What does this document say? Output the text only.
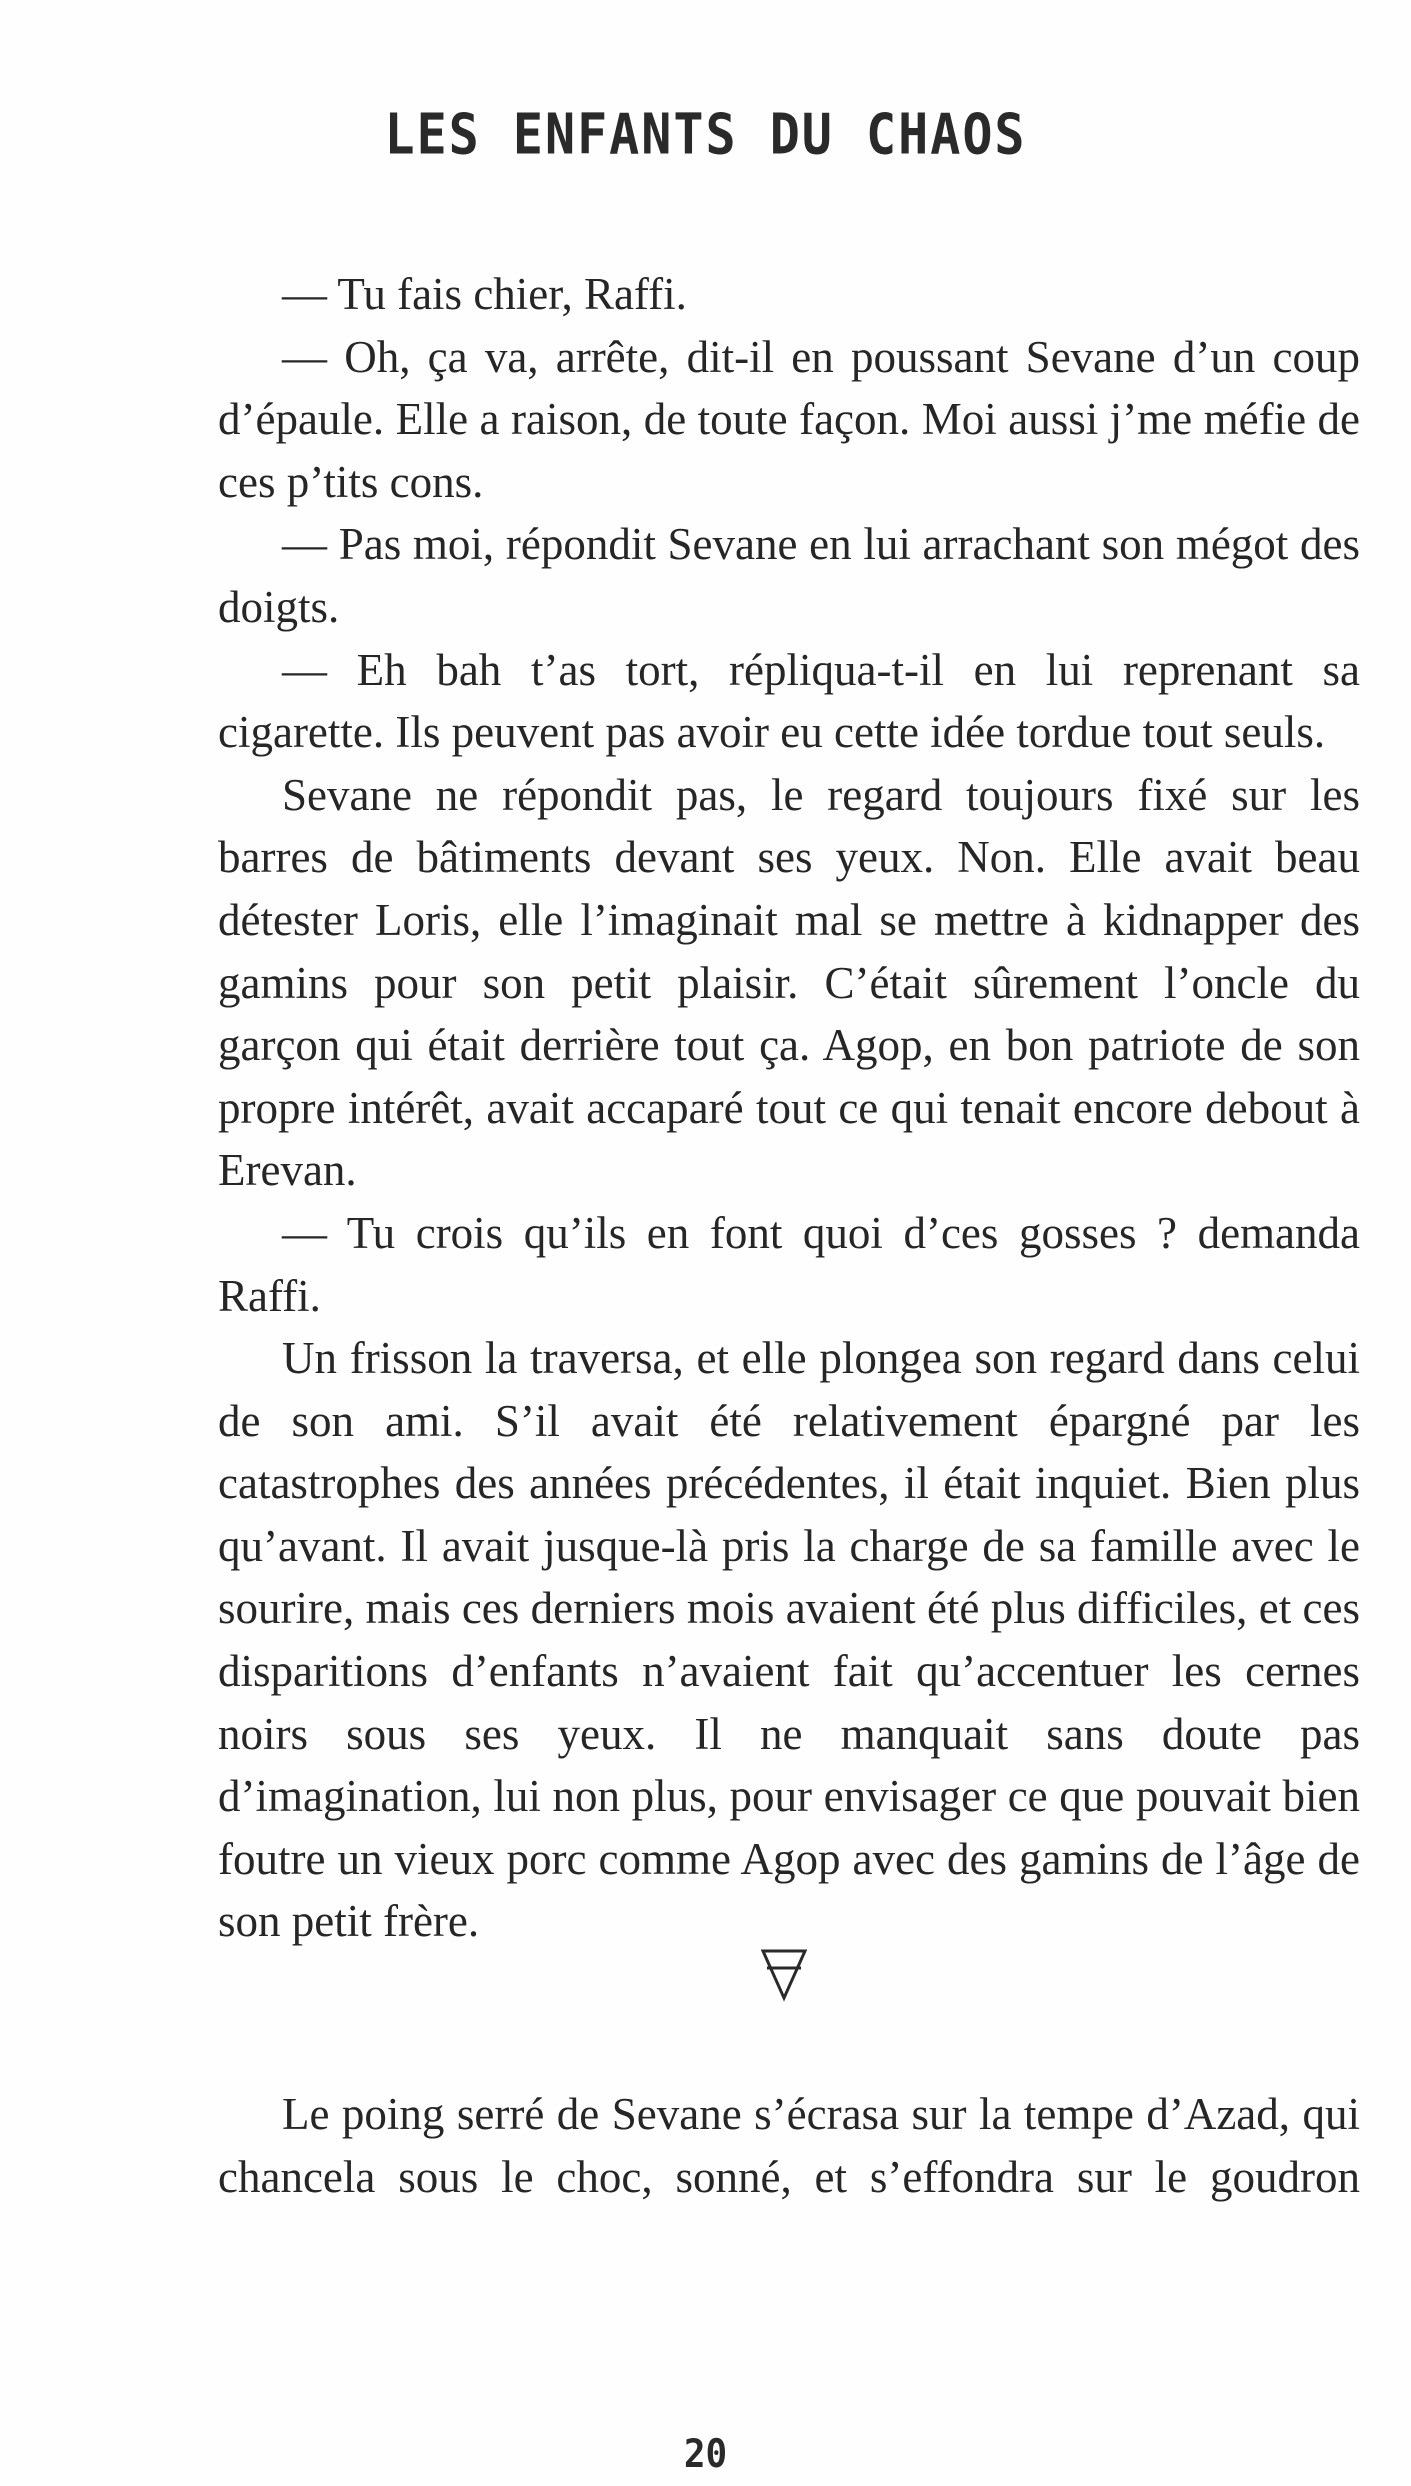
LES ENFANTS DU CHAOS

— Tu fais chier, Raffi.

— Oh, ça va, arrête, dit-il en poussant Sevane d’un coup d’épaule. Elle a raison, de toute façon. Moi aussi j’me méfie de ces p’tits cons.

— Pas moi, répondit Sevane en lui arrachant son mégot des doigts.

— Eh bah t’as tort, répliqua-t-il en lui reprenant sa cigarette. Ils peuvent pas avoir eu cette idée tordue tout seuls.

Sevane ne répondit pas, le regard toujours fixé sur les barres de bâtiments devant ses yeux. Non. Elle avait beau détester Loris, elle l’imaginait mal se mettre à kidnapper des gamins pour son petit plaisir. C’était sûrement l’oncle du garçon qui était derrière tout ça. Agop, en bon patriote de son propre intérêt, avait accaparé tout ce qui tenait encore debout à Erevan.

— Tu crois qu’ils en font quoi d’ces gosses ? demanda Raffi.

Un frisson la traversa, et elle plongea son regard dans celui de son ami. S’il avait été relativement épargné par les catastrophes des années précédentes, il était inquiet. Bien plus qu’avant. Il avait jusque-là pris la charge de sa famille avec le sourire, mais ces derniers mois avaient été plus difficiles, et ces disparitions d’enfants n’avaient fait qu’accentuer les cernes noirs sous ses yeux. Il ne manquait sans doute pas d’imagination, lui non plus, pour envisager ce que pouvait bien foutre un vieux porc comme Agop avec des gamins de l’âge de son petit frère.

Le poing serré de Sevane s’écrasa sur la tempe d’Azad, qui chancela sous le choc, sonné, et s’effondra sur le goudron

20
